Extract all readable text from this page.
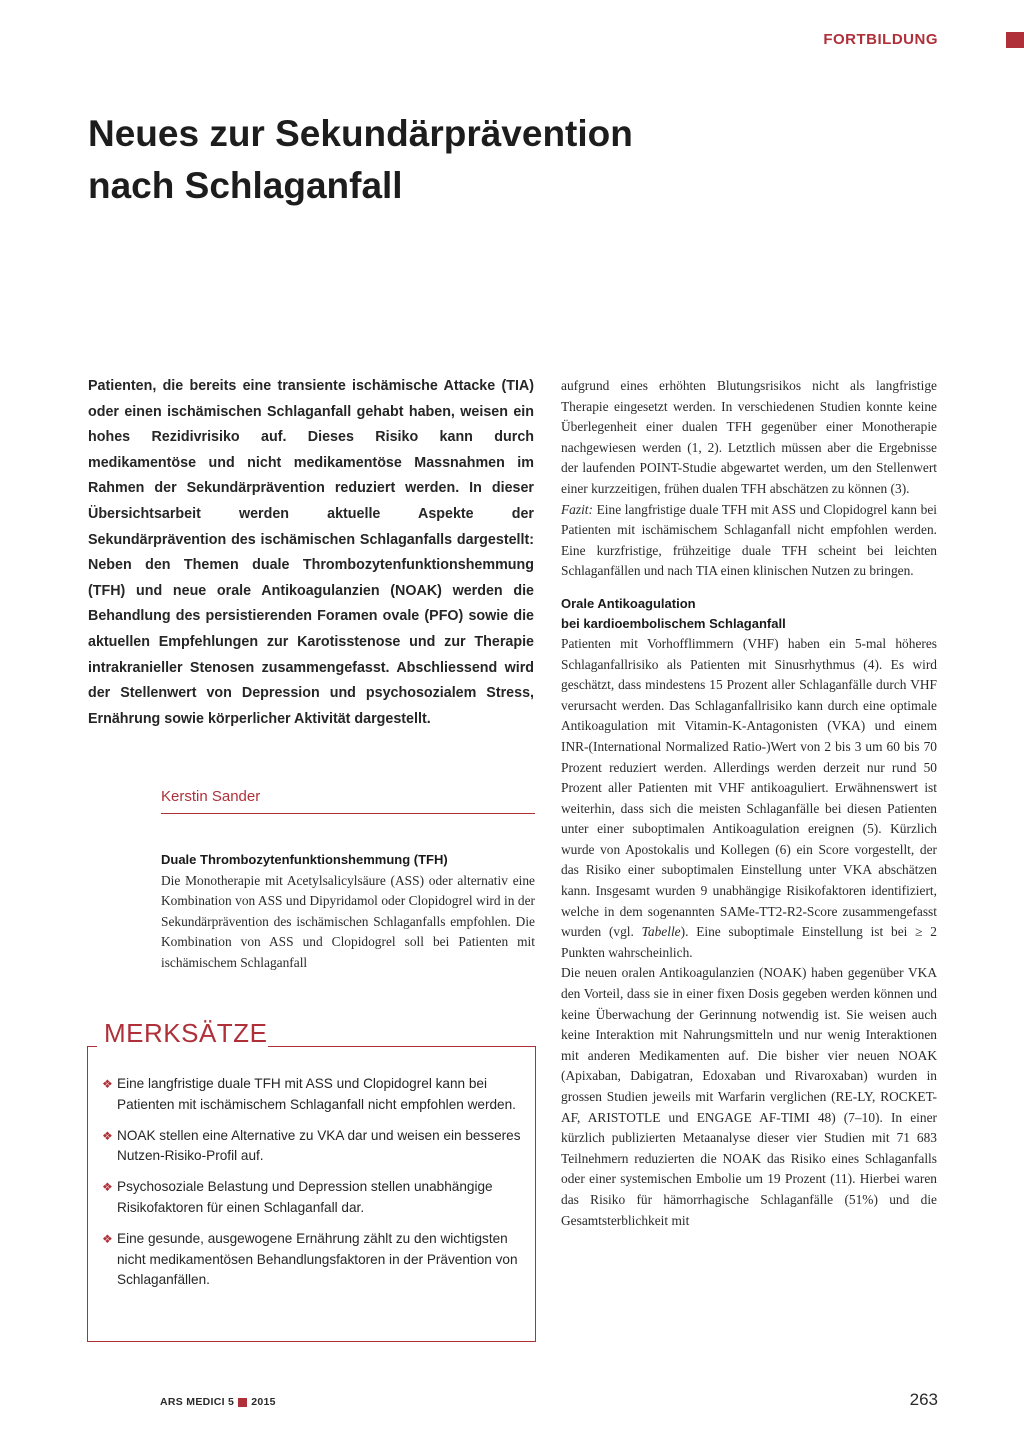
FORTBILDUNG
Neues zur Sekundärprävention
nach Schlaganfall

Patienten, die bereits eine transiente ischämische Attacke (TIA) oder einen ischämischen Schlaganfall gehabt haben, weisen ein hohes Rezidivrisiko auf. Dieses Risiko kann durch medikamentöse und nicht medikamentöse Massnahmen im Rahmen der Sekundärprävention reduziert werden. In dieser Übersichtsarbeit werden aktuelle Aspekte der Sekundärprävention des ischämischen Schlaganfalls dargestellt: Neben den Themen duale Thrombozytenfunktionshemmung (TFH) und neue orale Antikoagulanzien (NOAK) werden die Behandlung des persistierenden Foramen ovale (PFO) sowie die aktuellen Empfehlungen zur Karotisstenose und zur Therapie intrakranieller Stenosen zusammengefasst. Abschliessend wird der Stellenwert von Depression und psychosozialem Stress, Ernährung sowie körperlicher Aktivität dargestellt.

Kerstin Sander

Duale Thrombozytenfunktionshemmung (TFH)

Die Monotherapie mit Acetylsalicylsäure (ASS) oder alternativ eine Kombination von ASS und Dipyridamol oder Clopidogrel wird in der Sekundärprävention des ischämischen Schlaganfalls empfohlen. Die Kombination von ASS und Clopidogrel soll bei Patienten mit ischämischem Schlaganfall

MERKSÄTZE
❖ Eine langfristige duale TFH mit ASS und Clopidogrel kann bei Patienten mit ischämischem Schlaganfall nicht empfohlen werden.
❖ NOAK stellen eine Alternative zu VKA dar und weisen ein besseres Nutzen-Risiko-Profil auf.
❖ Psychosoziale Belastung und Depression stellen unabhängige Risikofaktoren für einen Schlaganfall dar.
❖ Eine gesunde, ausgewogene Ernährung zählt zu den wichtigsten nicht medikamentösen Behandlungsfaktoren in der Prävention von Schlaganfällen.

aufgrund eines erhöhten Blutungsrisikos nicht als langfristige Therapie eingesetzt werden. In verschiedenen Studien konnte keine Überlegenheit einer dualen TFH gegenüber einer Monotherapie nachgewiesen werden (1, 2). Letztlich müssen aber die Ergebnisse der laufenden POINT-Studie abgewartet werden, um den Stellenwert einer kurzzeitigen, frühen dualen TFH abschätzen zu können (3).

Fazit: Eine langfristige duale TFH mit ASS und Clopidogrel kann bei Patienten mit ischämischem Schlaganfall nicht empfohlen werden. Eine kurzfristige, frühzeitige duale TFH scheint bei leichten Schlaganfällen und nach TIA einen klinischen Nutzen zu bringen.

Orale Antikoagulation
bei kardioembolischem Schlaganfall

Patienten mit Vorhofflimmern (VHF) haben ein 5-mal höheres Schlaganfallrisiko als Patienten mit Sinusrhythmus (4). Es wird geschätzt, dass mindestens 15 Prozent aller Schlaganfälle durch VHF verursacht werden. Das Schlaganfallrisiko kann durch eine optimale Antikoagulation mit Vitamin-K-Antagonisten (VKA) und einem INR-(International Normalized Ratio-)Wert von 2 bis 3 um 60 bis 70 Prozent reduziert werden. Allerdings werden derzeit nur rund 50 Prozent aller Patienten mit VHF antikoaguliert. Erwähnenswert ist weiterhin, dass sich die meisten Schlaganfälle bei diesen Patienten unter einer suboptimalen Antikoagulation ereignen (5). Kürzlich wurde von Apostokalis und Kollegen (6) ein Score vorgestellt, der das Risiko einer suboptimalen Einstellung unter VKA abschätzen kann. Insgesamt wurden 9 unabhängige Risikofaktoren identifiziert, welche in dem sogenannten SAMe-TT2-R2-Score zusammengefasst wurden (vgl. Tabelle). Eine suboptimale Einstellung ist bei ≥ 2 Punkten wahrscheinlich.

Die neuen oralen Antikoagulanzien (NOAK) haben gegenüber VKA den Vorteil, dass sie in einer fixen Dosis gegeben werden können und keine Überwachung der Gerinnung notwendig ist. Sie weisen auch keine Interaktion mit Nahrungsmitteln und nur wenig Interaktionen mit anderen Medikamenten auf. Die bisher vier neuen NOAK (Apixaban, Dabigatran, Edoxaban und Rivaroxaban) wurden in grossen Studien jeweils mit Warfarin verglichen (RE-LY, ROCKET-AF, ARISTOTLE und ENGAGE AF-TIMI 48) (7–10). In einer kürzlich publizierten Metaanalyse dieser vier Studien mit 71 683 Teilnehmern reduzierten die NOAK das Risiko eines Schlaganfalls oder einer systemischen Embolie um 19 Prozent (11). Hierbei waren das Risiko für hämorrhagische Schlaganfälle (51%) und die Gesamtsterblichkeit mit

ARS MEDICI 5 2015	263
